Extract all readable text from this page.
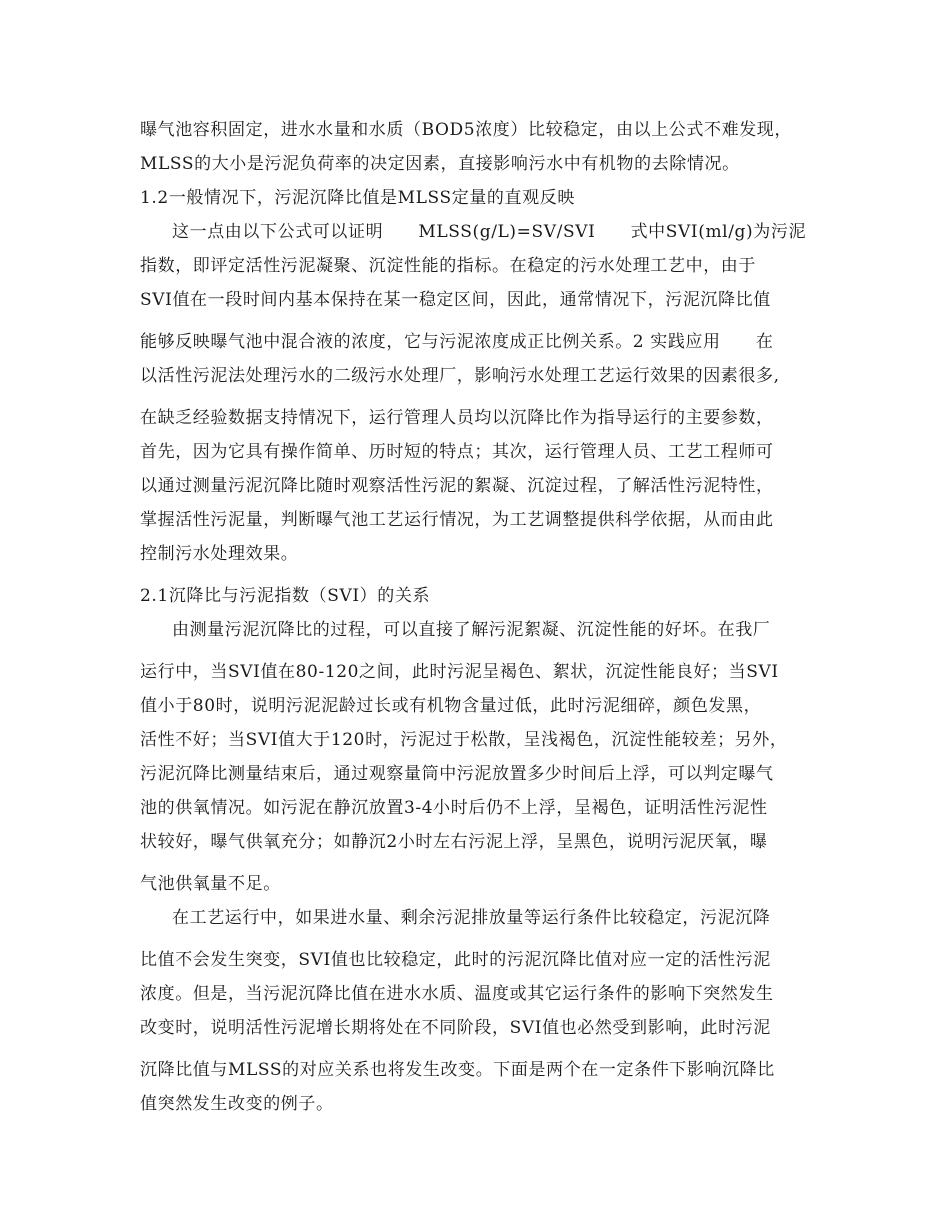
曝气池容积固定，进水水量和水质（BOD5浓度）比较稳定，由以上公式不难发现，
MLSS的大小是污泥负荷率的决定因素，直接影响污水中有机物的去除情况。
1.2一般情况下，污泥沉降比值是MLSS定量的直观反映
这一点由以下公式可以证明　　MLSS(g/L)=SV/SVI　　式中SVI(ml/g)为污泥
指数，即评定活性污泥凝聚、沉淀性能的指标。在稳定的污水处理工艺中，由于
SVI值在一段时间内基本保持在某一稳定区间，因此，通常情况下，污泥沉降比值
能够反映曝气池中混合液的浓度，它与污泥浓度成正比例关系。2 实践应用　　在
以活性污泥法处理污水的二级污水处理厂，影响污水处理工艺运行效果的因素很多,
在缺乏经验数据支持情况下，运行管理人员均以沉降比作为指导运行的主要参数，
首先，因为它具有操作简单、历时短的特点；其次，运行管理人员、工艺工程师可
以通过测量污泥沉降比随时观察活性污泥的絮凝、沉淀过程，了解活性污泥特性，
掌握活性污泥量，判断曝气池工艺运行情况，为工艺调整提供科学依据，从而由此
控制污水处理效果。
2.1沉降比与污泥指数（SVI）的关系
由测量污泥沉降比的过程，可以直接了解污泥絮凝、沉淀性能的好坏。在我厂
运行中，当SVI值在80-120之间，此时污泥呈褐色、絮状，沉淀性能良好；当SVI
值小于80时，说明污泥泥龄过长或有机物含量过低，此时污泥细碎，颜色发黑，
活性不好；当SVI值大于120时，污泥过于松散，呈浅褐色，沉淀性能较差；另外，
污泥沉降比测量结束后，通过观察量筒中污泥放置多少时间后上浮，可以判定曝气
池的供氧情况。如污泥在静沉放置3-4小时后仍不上浮，呈褐色，证明活性污泥性
状较好，曝气供氧充分；如静沉2小时左右污泥上浮，呈黑色，说明污泥厌氧，曝
气池供氧量不足。
在工艺运行中，如果进水量、剩余污泥排放量等运行条件比较稳定，污泥沉降
比值不会发生突变，SVI值也比较稳定，此时的污泥沉降比值对应一定的活性污泥
浓度。但是，当污泥沉降比值在进水水质、温度或其它运行条件的影响下突然发生
改变时，说明活性污泥增长期将处在不同阶段，SVI值也必然受到影响，此时污泥
沉降比值与MLSS的对应关系也将发生改变。下面是两个在一定条件下影响沉降比
值突然发生改变的例子。
